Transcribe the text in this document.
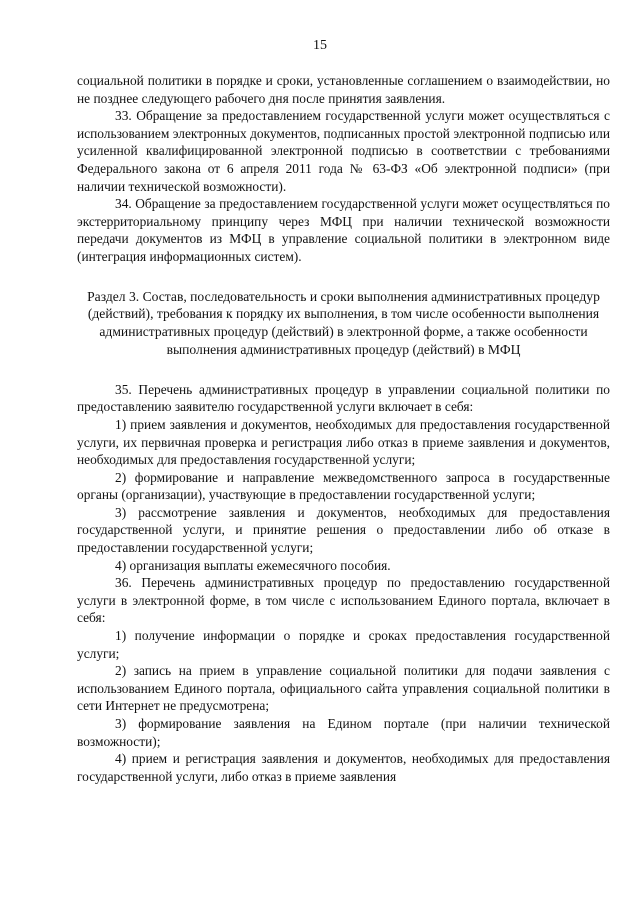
15

социальной политики в порядке и сроки, установленные соглашением о взаимодействии, но не позднее следующего рабочего дня после принятия заявления.

33. Обращение за предоставлением государственной услуги может осуществляться с использованием электронных документов, подписанных простой электронной подписью или усиленной квалифицированной электронной подписью в соответствии с требованиями Федерального закона от 6 апреля 2011 года № 63-ФЗ «Об электронной подписи» (при наличии технической возможности).

34. Обращение за предоставлением государственной услуги может осуществляться по экстерриториальному принципу через МФЦ при наличии технической возможности передачи документов из МФЦ в управление социальной политики в электронном виде (интеграция информационных систем).

Раздел 3. Состав, последовательность и сроки выполнения административных процедур (действий), требования к порядку их выполнения, в том числе особенности выполнения административных процедур (действий) в электронной форме, а также особенности выполнения административных процедур (действий) в МФЦ

35. Перечень административных процедур в управлении социальной политики по предоставлению заявителю государственной услуги включает в себя:

1) прием заявления и документов, необходимых для предоставления государственной услуги, их первичная проверка и регистрация либо отказ в приеме заявления и документов, необходимых для предоставления государственной услуги;

2) формирование и направление межведомственного запроса в государственные органы (организации), участвующие в предоставлении государственной услуги;

3) рассмотрение заявления и документов, необходимых для предоставления государственной услуги, и принятие решения о предоставлении либо об отказе в предоставлении государственной услуги;

4) организация выплаты ежемесячного пособия.

36. Перечень административных процедур по предоставлению государственной услуги в электронной форме, в том числе с использованием Единого портала, включает в себя:

1) получение информации о порядке и сроках предоставления государственной услуги;

2) запись на прием в управление социальной политики для подачи заявления с использованием Единого портала, официального сайта управления социальной политики в сети Интернет не предусмотрена;

3) формирование заявления на Едином портале (при наличии технической возможности);

4) прием и регистрация заявления и документов, необходимых для предоставления государственной услуги, либо отказ в приеме заявления
